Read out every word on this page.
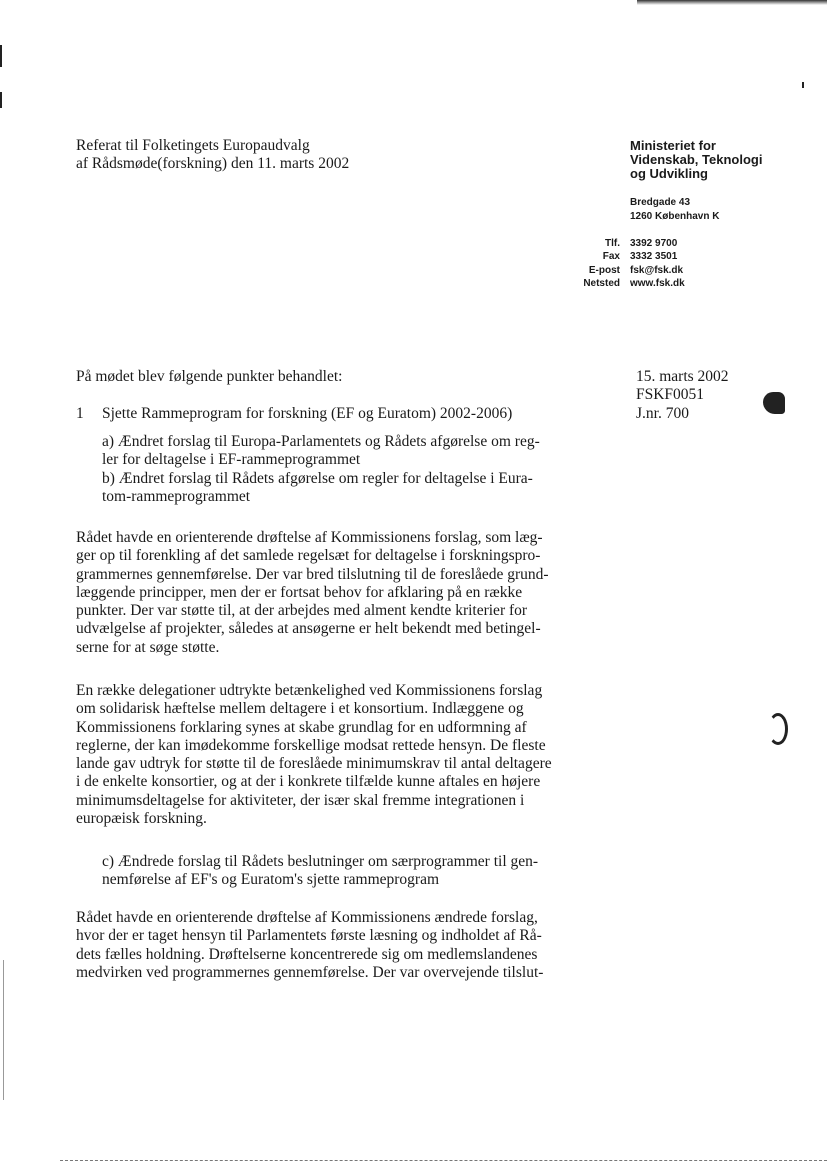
Referat til Folketingets Europaudvalg
af Rådsmøde(forskning) den 11. marts 2002
Ministeriet for
Videnskab, Teknologi
og Udvikling
Bredgade 43
1260 København K
Tlf. 3392 9700
Fax 3332 3501
E-post fsk@fsk.dk
Netsted www.fsk.dk
15. marts 2002
FSKF0051
J.nr. 700
På mødet blev følgende punkter behandlet:
1 Sjette Rammeprogram for forskning (EF og Euratom) 2002-2006)
a) Ændret forslag til Europa-Parlamentets og Rådets afgørelse om reg-
ler for deltagelse i EF-rammeprogrammet
b) Ændret forslag til Rådets afgørelse om regler for deltagelse i Eura-
tom-rammeprogrammet
Rådet havde en orienterende drøftelse af Kommissionens forslag, som læg-
ger op til forenkling af det samlede regelsæt for deltagelse i forskningspro-
grammernes gennemførelse. Der var bred tilslutning til de foreslåede grund-
læggende principper, men der er fortsat behov for afklaring på en række
punkter. Der var støtte til, at der arbejdes med alment kendte kriterier for
udvælgelse af projekter, således at ansøgerne er helt bekendt med betingel-
serne for at søge støtte.
En række delegationer udtrykte betænkelighed ved Kommissionens forslag
om solidarisk hæftelse mellem deltagere i et konsortium. Indlæggene og
Kommissionens forklaring synes at skabe grundlag for en udformning af
reglerne, der kan imødekomme forskellige modsat rettede hensyn. De fleste
lande gav udtryk for støtte til de foreslåede minimumskrav til antal deltagere
i de enkelte konsortier, og at der i konkrete tilfælde kunne aftales en højere
minimumsdeltagelse for aktiviteter, der især skal fremme integrationen i
europæisk forskning.
c) Ændrede forslag til Rådets beslutninger om særprogrammer til gen-
nemførelse af EF's og Euratom's sjette rammeprogram
Rådet havde en orienterende drøftelse af Kommissionens ændrede forslag,
hvor der er taget hensyn til Parlamentets første læsning og indholdet af Rå-
dets fælles holdning. Drøftelserne koncentrerede sig om medlemslandenes
medvirken ved programmernes gennemførelse. Der var overvejende tilslut-
